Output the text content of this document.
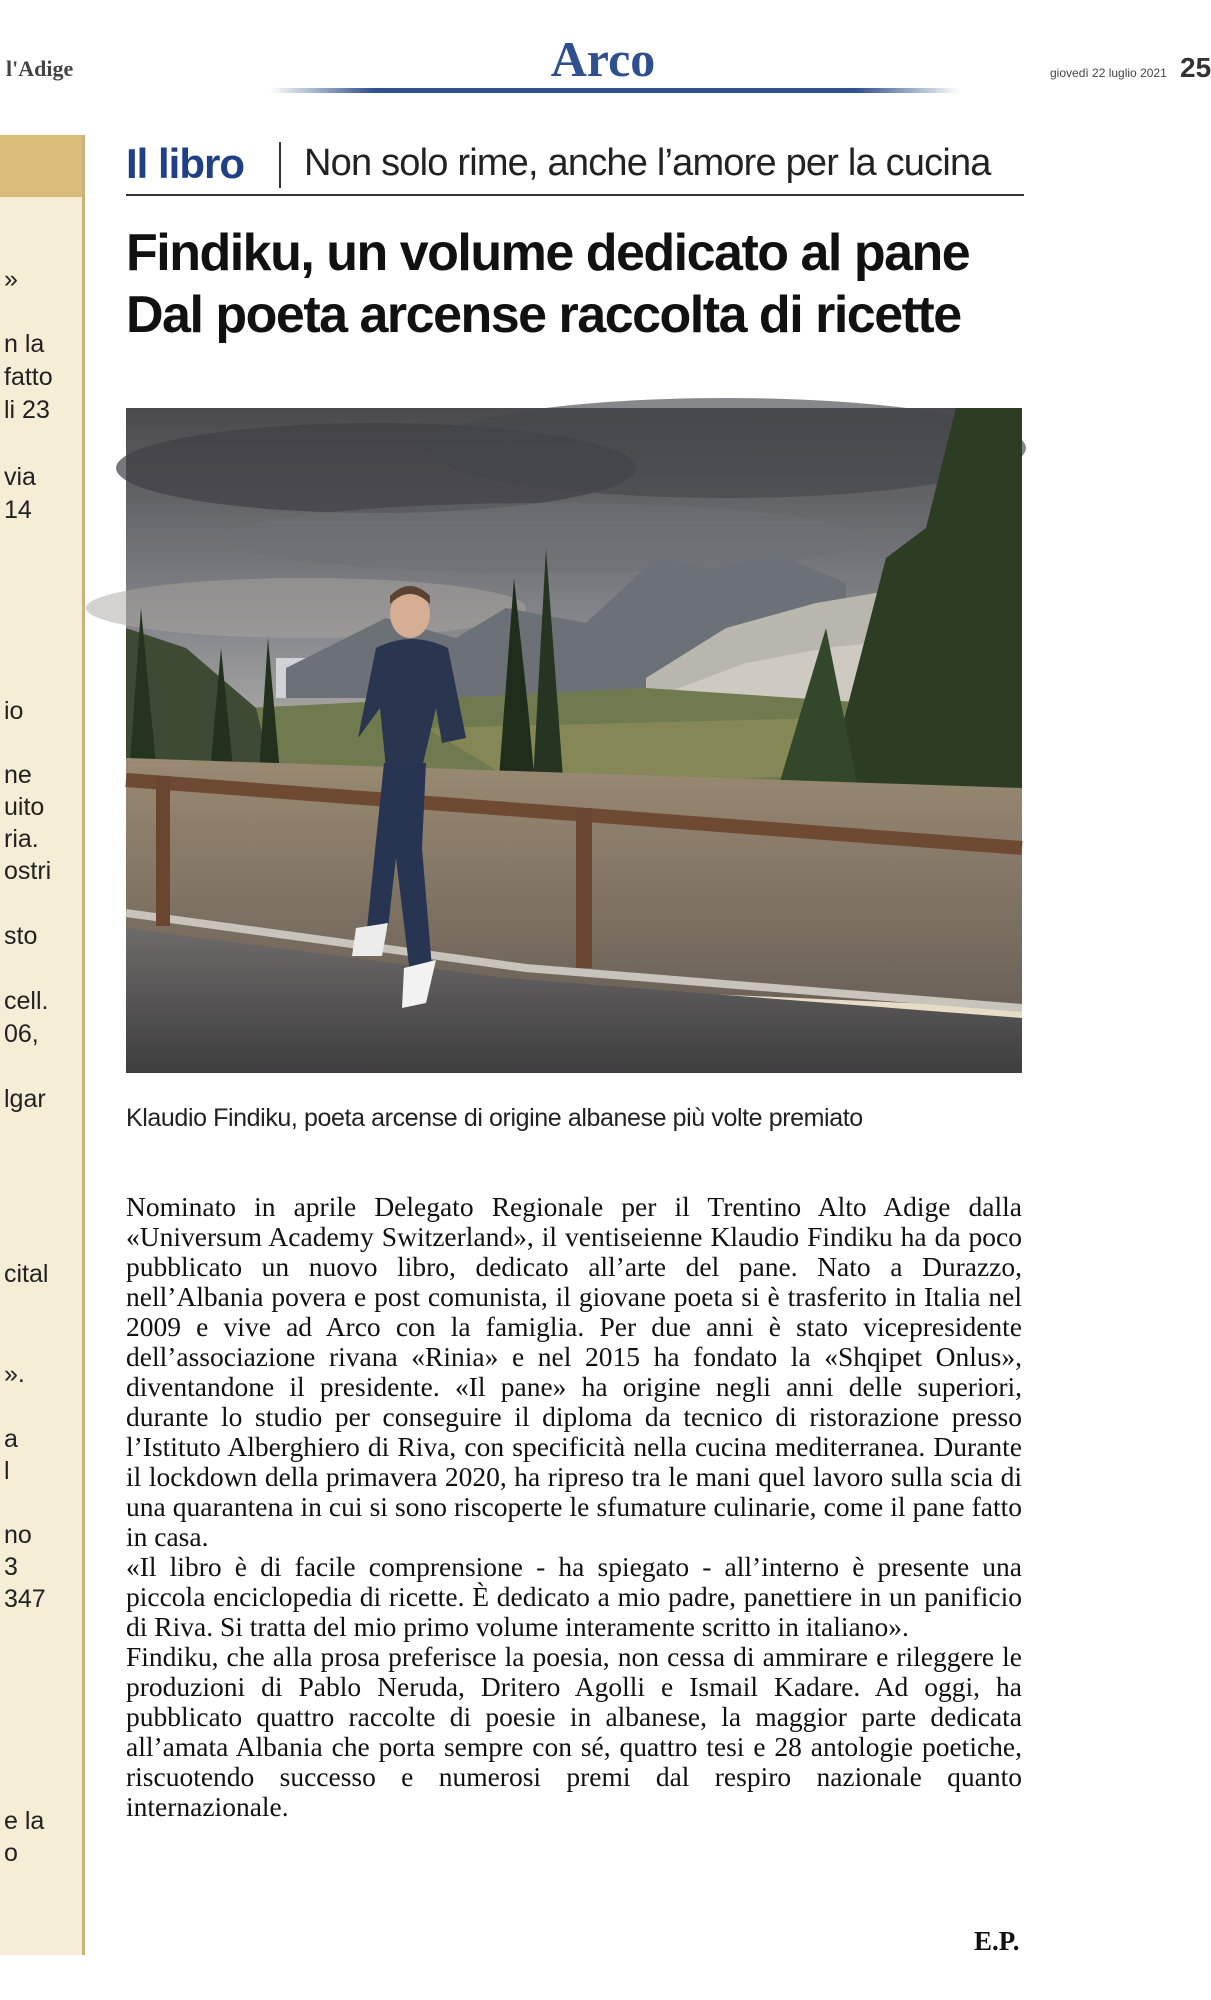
l'Adige	Arco	giovedì 22 luglio 2021 25
»
n la
fatto
li 23
via
14
io
ne
uito
ria.
ostri
sto
cell.
06,
lgar
cital
».
a
l
no
3
347
e la
o
Il libro Non solo rime, anche l’amore per la cucina
Findiku, un volume dedicato al pane
Dal poeta arcense raccolta di ricette
Klaudio Findiku, poeta arcense di origine albanese più volte premiato

Nominato in aprile Delegato Regionale per il Trentino Alto Adige dalla «Universum Academy Switzerland», il ventiseienne Klaudio Findiku ha da poco pubblicato un nuovo libro, dedicato all’arte del pane. Nato a Durazzo, nell’Albania povera e post comunista, il giovane poeta si è trasferito in Italia nel 2009 e vive ad Arco con la famiglia. Per due anni è stato vicepresidente dell’associazione rivana «Rinia» e nel 2015 ha fondato la «Shqipet Onlus», diventandone il presidente. «Il pane» ha origine negli anni delle superiori, durante lo studio per conseguire il diploma da tecnico di ristorazione presso l’Istituto Alberghiero di Riva, con specificità nella cucina mediterranea. Durante il lockdown della primavera 2020, ha ripreso tra le mani quel lavoro sulla scia di una quarantena in cui si sono riscoperte le sfumature culinarie, come il pane fatto in casa.

«Il libro è di facile comprensione - ha spiegato - all’interno è presente una piccola enciclopedia di ricette. È dedicato a mio padre, panettiere in un panificio di Riva. Si tratta del mio primo volume interamente scritto in italiano».

Findiku, che alla prosa preferisce la poesia, non cessa di ammirare e rileggere le produzioni di Pablo Neruda, Dritero Agolli e Ismail Kadare. Ad oggi, ha pubblicato quattro raccolte di poesie in albanese, la maggior parte dedicata all’amata Albania che porta sempre con sé, quattro tesi e 28 antologie poetiche, riscuotendo successo e numerosi premi dal respiro nazionale quanto internazionale.

E.P.
